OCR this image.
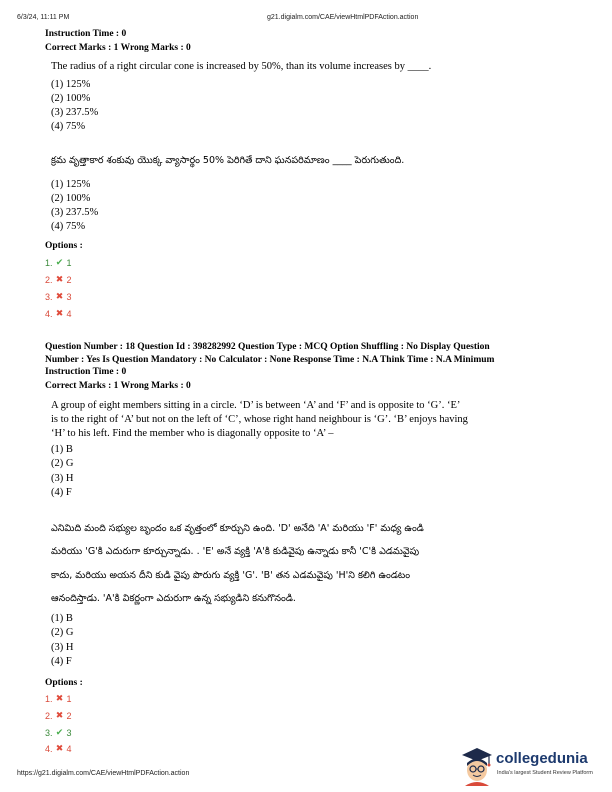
6/3/24, 11:11 PM	g21.digialm.com/CAE/viewHtmlPDFAction.action
Instruction Time : 0
Correct Marks : 1 Wrong Marks : 0
The radius of a right circular cone is increased by 50%, than its volume increases by ____.
(1) 125%
(2) 100%
(3) 237.5%
(4) 75%
క్రమ వృత్తాకార శంకువు యొక్క వ్యాసార్థం 50% పెరిగితే దాని ఘనపరిమాణం ____ పెరుగుతుంది.
(1) 125%
(2) 100%
(3) 237.5%
(4) 75%
Options :
1. ✔ 1
2. ✖ 2
3. ✖ 3
4. ✖ 4
Question Number : 18 Question Id : 398282992 Question Type : MCQ Option Shuffling : No Display Question
Number : Yes Is Question Mandatory : No Calculator : None Response Time : N.A Think Time : N.A Minimum
Instruction Time : 0
Correct Marks : 1 Wrong Marks : 0
A group of eight members sitting in a circle. ‘D’ is between ‘A’ and ‘F’ and is opposite to ‘G’. ‘E’
is to the right of ‘A’ but not on the left of ‘C’, whose right hand neighbour is ‘G’. ‘B’ enjoys having
‘H’ to his left. Find the member who is diagonally opposite to ‘A’ –
(1) B
(2) G
(3) H
(4) F
ఎనిమిది మంది సభ్యుల బృందం ఒక వృత్తంలో కూర్చుని ఉంది. 'D' అనేది 'A' మరియు 'F' మధ్య ఉండి
మరియు 'G'కి ఎదురుగా కూర్చున్నాడు. . 'E' అనే వ్యక్తి 'A'కి కుడివైపు ఉన్నాడు కానీ 'C'కి ఎడమవైపు
కాదు, మరియు అయన దీని కుడి వైపు పొరుగు వ్యక్తి 'G'. 'B' తన ఎడమవైపు 'H'ని కలిగి ఉండటం
ఆనందిస్తాడు. 'A'కి వికర్ణంగా ఎదురుగా ఉన్న సభ్యుడిని కనుగొనండి.
(1) B
(2) G
(3) H
(4) F
Options :
1. ✖ 1
2. ✖ 2
3. ✔ 3
4. ✖ 4
https://g21.digialm.com/CAE/viewHtmlPDFAction.action
collegedunia
India's largest Student Review Platform
